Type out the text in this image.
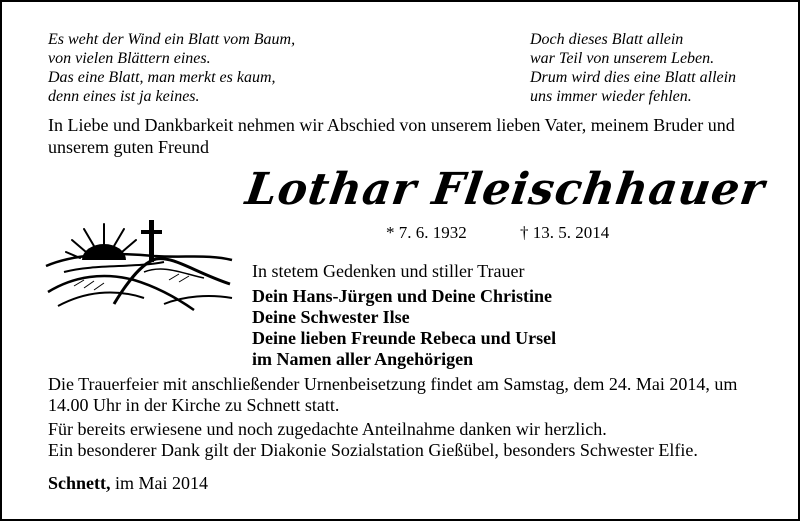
Es weht der Wind ein Blatt vom Baum,
von vielen Blättern eines.
Das eine Blatt, man merkt es kaum,
denn eines ist ja keines.
Doch dieses Blatt allein
war Teil von unserem Leben.
Drum wird dies eine Blatt allein
uns immer wieder fehlen.
In Liebe und Dankbarkeit nehmen wir Abschied von unserem lieben Vater, meinem Bruder und unserem guten Freund
Lothar Fleischhauer
* 7. 6. 1932	† 13. 5. 2014
In stetem Gedenken und stiller Trauer
Dein Hans-Jürgen und Deine Christine
Deine Schwester Ilse
Deine lieben Freunde Rebeca und Ursel
im Namen aller Angehörigen
Die Trauerfeier mit anschließender Urnenbeisetzung findet am Samstag, dem 24. Mai 2014, um 14.00 Uhr in der Kirche zu Schnett statt.
Für bereits erwiesene und noch zugedachte Anteilnahme danken wir herzlich.
Ein besonderer Dank gilt der Diakonie Sozialstation Gießübel, besonders Schwester Elfie.
Schnett, im Mai 2014
